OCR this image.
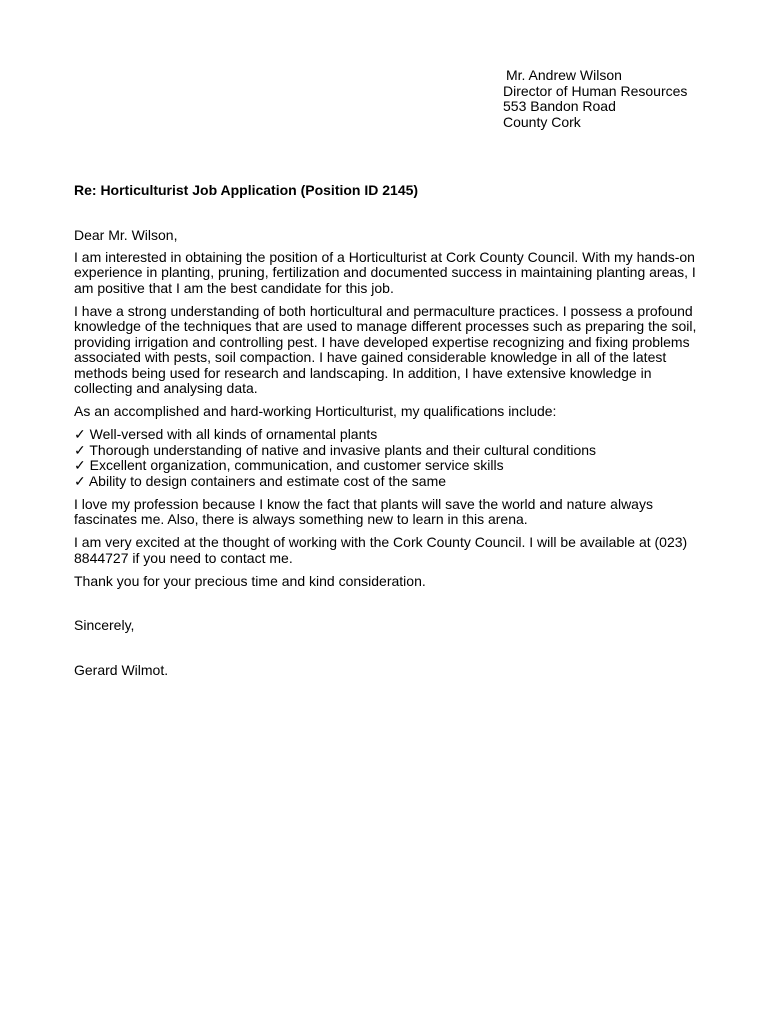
Mr. Andrew Wilson
Director of Human Resources
553 Bandon Road
County Cork
Re: Horticulturist Job Application (Position ID 2145)

Dear Mr. Wilson,

I am interested in obtaining the position of a Horticulturist at Cork County Council. With my hands-on experience in planting, pruning, fertilization and documented success in maintaining planting areas, I am positive that I am the best candidate for this job.

I have a strong understanding of both horticultural and permaculture practices. I possess a profound knowledge of the techniques that are used to manage different processes such as preparing the soil, providing irrigation and controlling pest. I have developed expertise recognizing and fixing problems associated with pests, soil compaction. I have gained considerable knowledge in all of the latest methods being used for research and landscaping. In addition, I have extensive knowledge in collecting and analysing data.

As an accomplished and hard-working Horticulturist, my qualifications include:

✓ Well-versed with all kinds of ornamental plants
✓ Thorough understanding of native and invasive plants and their cultural conditions
✓ Excellent organization, communication, and customer service skills
✓ Ability to design containers and estimate cost of the same

I love my profession because I know the fact that plants will save the world and nature always fascinates me. Also, there is always something new to learn in this arena.

I am very excited at the thought of working with the Cork County Council. I will be available at (023) 8844727 if you need to contact me.

Thank you for your precious time and kind consideration.

Sincerely,
Gerard Wilmot.
